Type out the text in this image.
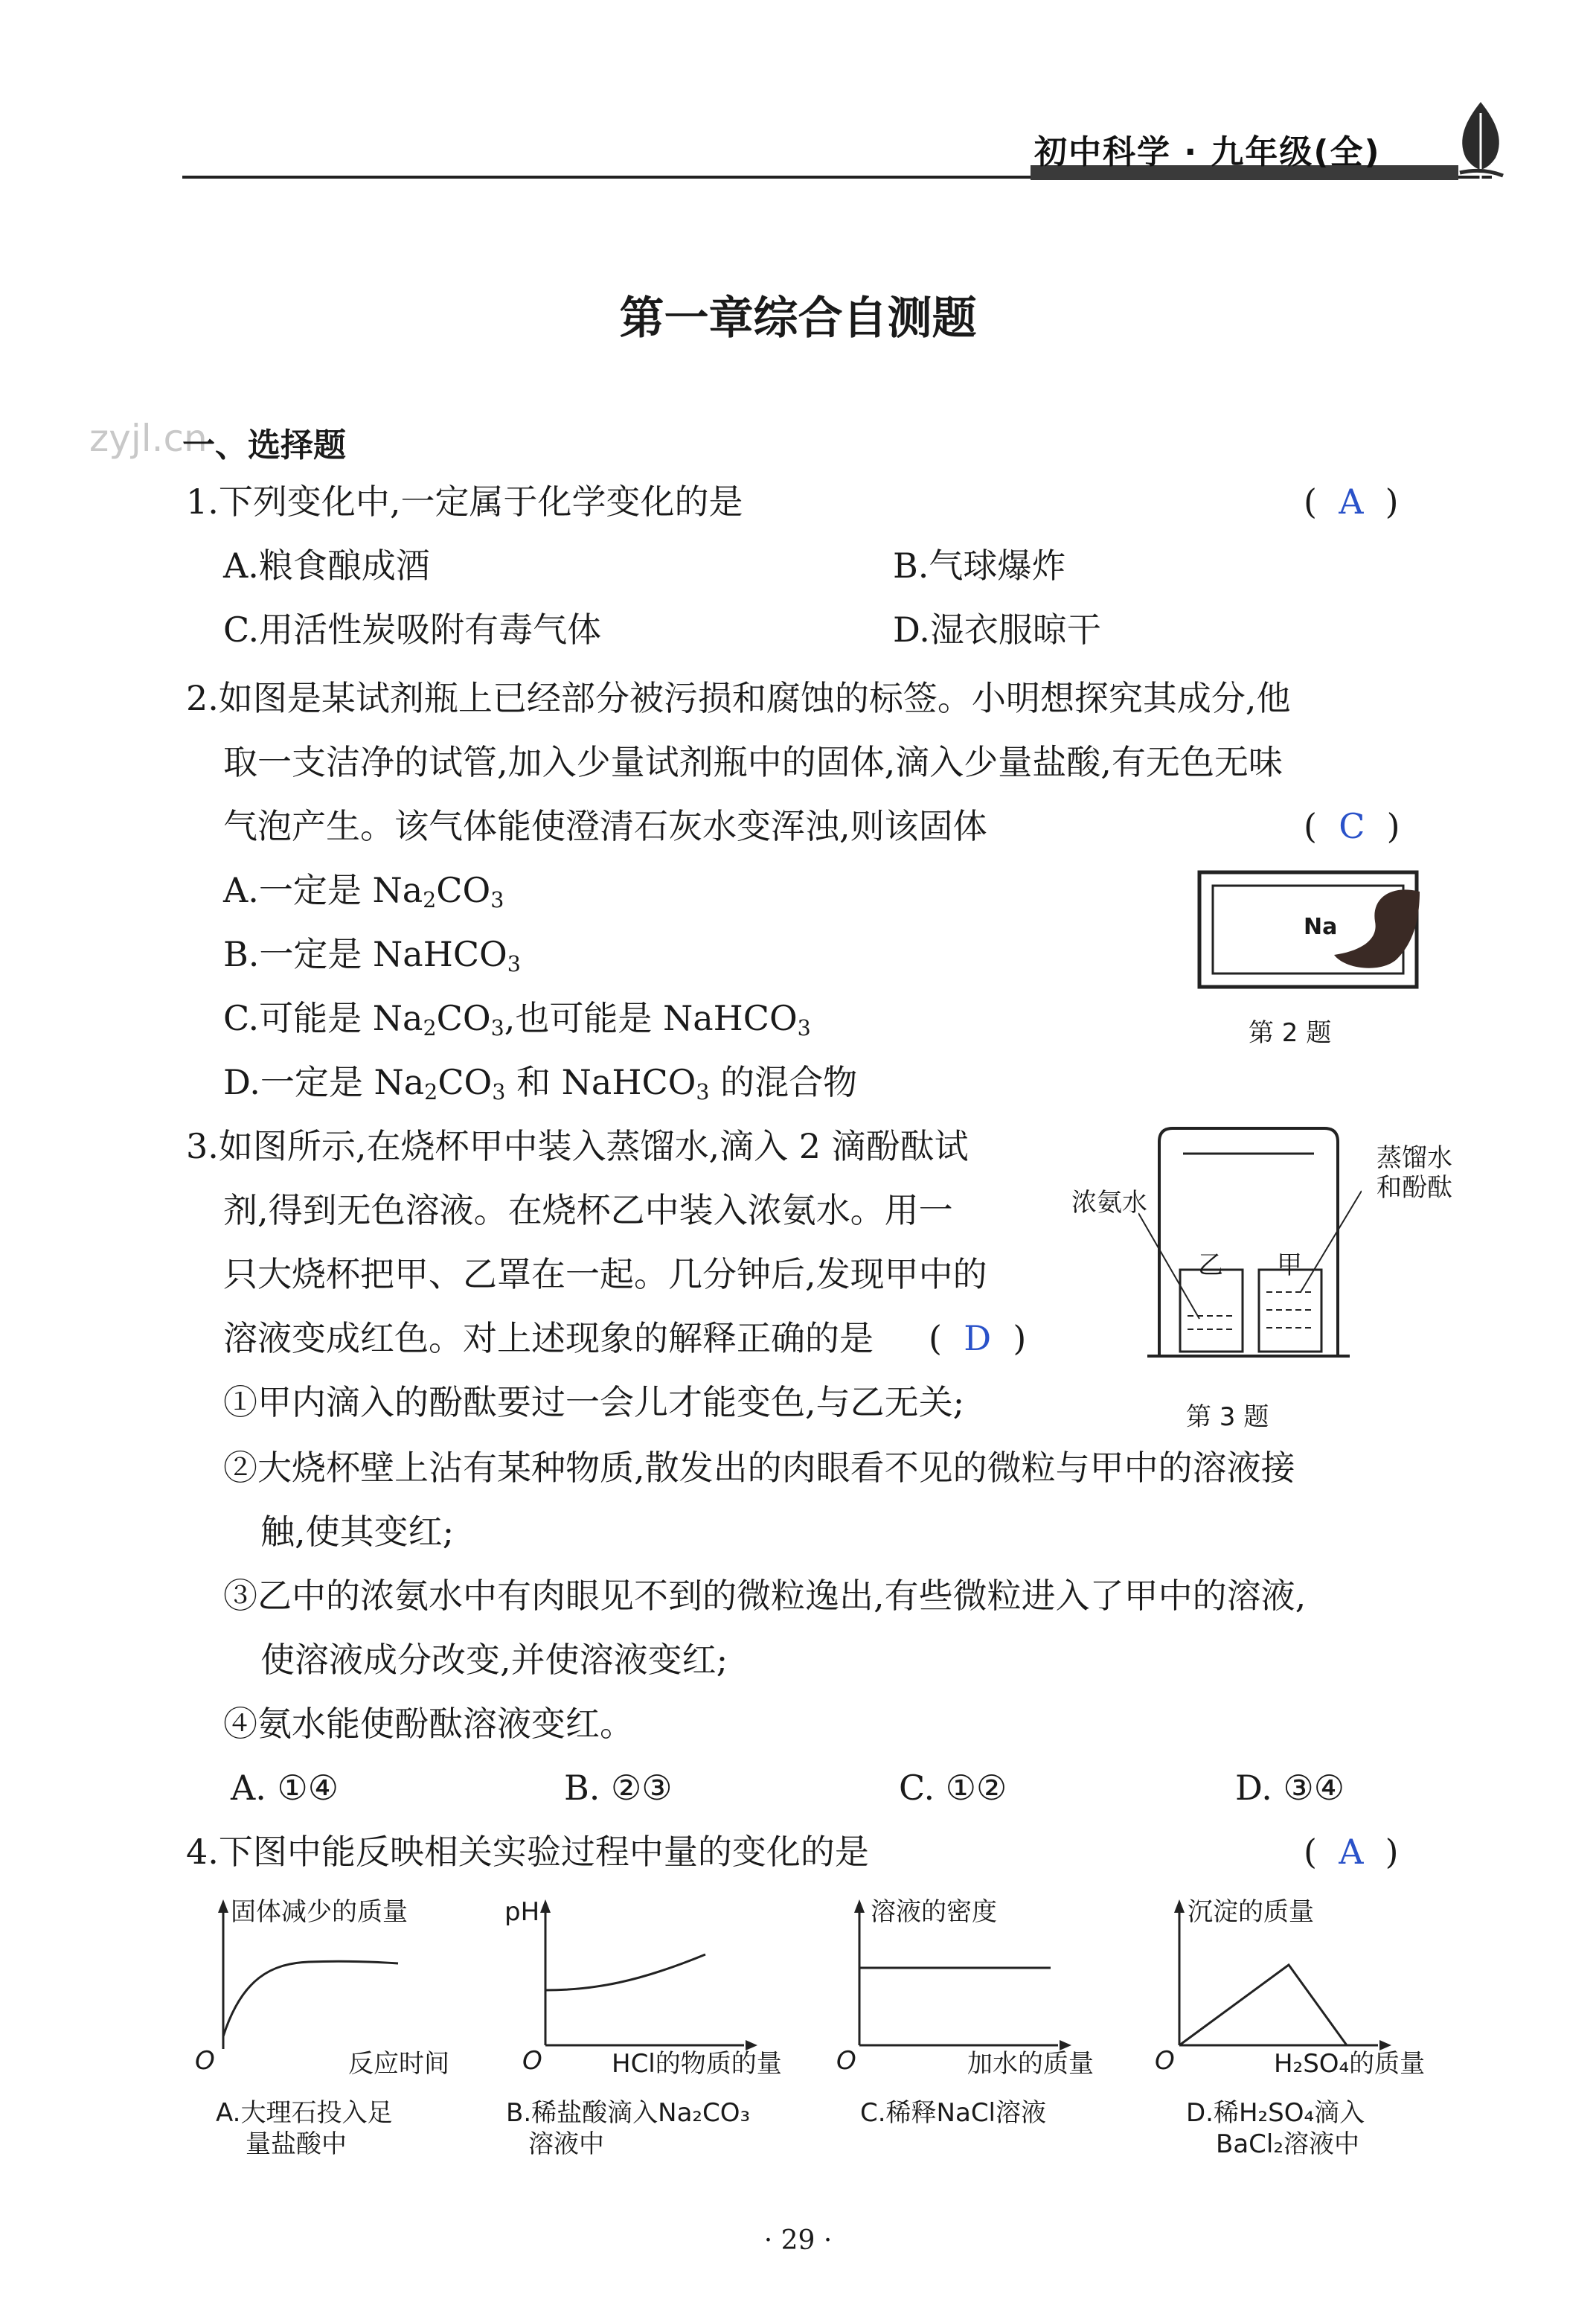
初中科学 · 九年级(全)
zyjl.cn
第一章综合自测题
一、选择题
1.下列变化中,一定属于化学变化的是	(  A  )
A.粮食酿成酒	B.气球爆炸
C.用活性炭吸附有毒气体	D.湿衣服晾干
2.如图是某试剂瓶上已经部分被污损和腐蚀的标签。小明想探究其成分,他
取一支洁净的试管,加入少量试剂瓶中的固体,滴入少量盐酸,有无色无味
气泡产生。该气体能使澄清石灰水变浑浊,则该固体	(  C  )
A.一定是 $Na_2CO_3$
B.一定是 NaHCO$_3$
C.可能是 $Na_2CO_3$,也可能是 NaHCO$_3$
D.一定是 $Na_2CO_3$ 和 NaHCO$_3$ 的混合物
Na
第 2 题
3.如图所示,在烧杯甲中装入蒸馏水,滴入 2 滴酚酞试
剂,得到无色溶液。在烧杯乙中装入浓氨水。用一
只大烧杯把甲、乙罩在一起。几分钟后,发现甲中的
溶液变成红色。对上述现象的解释正确的是 (  D  )
浓氨水
蒸馏水
和酚酞
乙 甲
第 3 题
①甲内滴入的酚酞要过一会儿才能变色,与乙无关;
②大烧杯壁上沾有某种物质,散发出的肉眼看不见的微粒与甲中的溶液接
触,使其变红;
③乙中的浓氨水中有肉眼见不到的微粒逸出,有些微粒进入了甲中的溶液,
使溶液成分改变,并使溶液变红;
④氨水能使酚酞溶液变红。
A. ①④	B. ②③	C. ①②	D. ③④
4.下图中能反映相关实验过程中量的变化的是	(  A  )
固体减少的质量
O	反应时间
A.大理石投入足
量盐酸中
pH
O	HCl的物质的量
B.稀盐酸滴入Na₂CO₃
溶液中
溶液的密度
O	加水的质量
C.稀释NaCl溶液
沉淀的质量
O	H₂SO₄的质量
D.稀H₂SO₄滴入
BaCl₂溶液中
· 29 ·
